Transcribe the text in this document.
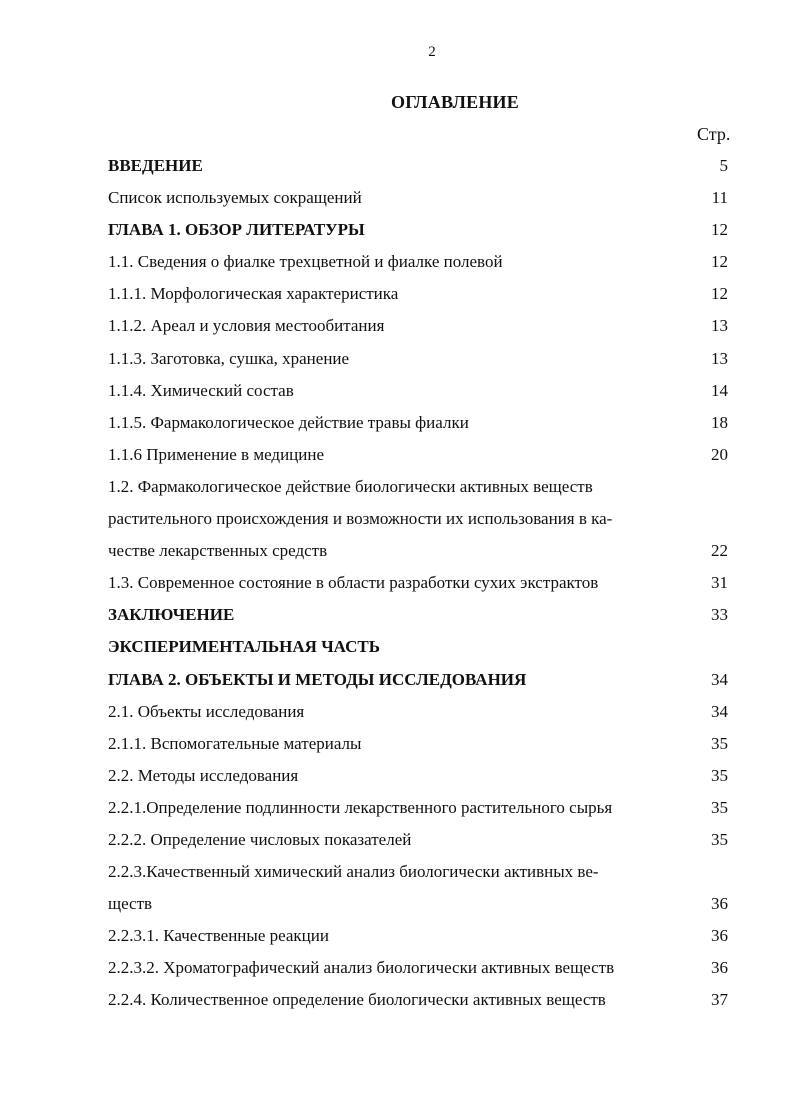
2
ОГЛАВЛЕНИЕ
Стр.
ВВЕДЕНИЕ	5
Список используемых сокращений	11
ГЛАВА 1. ОБЗОР ЛИТЕРАТУРЫ	12
1.1. Сведения о фиалке трехцветной и фиалке полевой	12
1.1.1. Морфологическая характеристика	12
1.1.2. Ареал и условия местообитания	13
1.1.3. Заготовка, сушка, хранение	13
1.1.4. Химический состав	14
1.1.5. Фармакологическое действие травы фиалки	18
1.1.6 Применение в медицине	20
1.2. Фармакологическое действие биологически активных веществ
растительного происхождения и возможности их использования в ка-
честве лекарственных средств	22
1.3. Современное состояние в области разработки сухих экстрактов	31
ЗАКЛЮЧЕНИЕ	33
ЭКСПЕРИМЕНТАЛЬНАЯ ЧАСТЬ
ГЛАВА 2. ОБЪЕКТЫ И МЕТОДЫ ИССЛЕДОВАНИЯ	34
2.1. Объекты исследования	34
2.1.1. Вспомогательные материалы	35
2.2. Методы исследования	35
2.2.1.Определение подлинности лекарственного растительного сырья	35
2.2.2. Определение числовых показателей	35
2.2.3.Качественный химический анализ биологически активных ве-
ществ	36
2.2.3.1. Качественные реакции	36
2.2.3.2. Хроматографический анализ биологически активных веществ	36
2.2.4. Количественное определение биологически активных веществ	37
